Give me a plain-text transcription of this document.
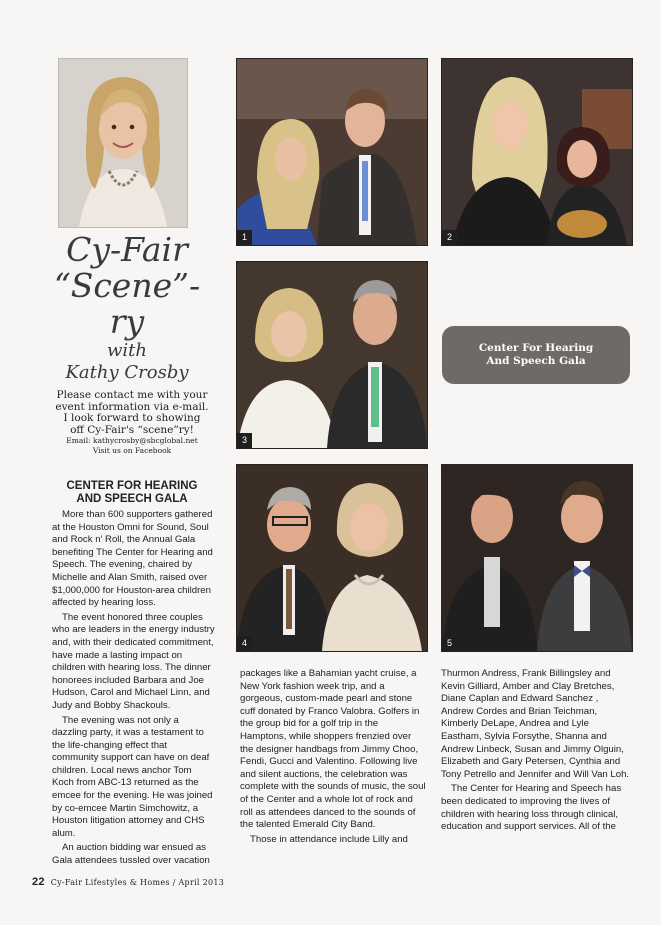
Cy-Fair
“Scene”-ry
with
Kathy Crosby
Please contact me with your
event information via e-mail.
I look forward to showing
off Cy-Fair's “scene”ry!
Email: kathycrosby@sbcglobal.net
Visit us on Facebook
CENTER FOR HEARING
AND SPEECH GALA

More than 600 supporters gathered at the Houston Omni for Sound, Soul and Rock n' Roll, the Annual Gala benefiting The Center for Hearing and Speech. The evening, chaired by Michelle and Alan Smith, raised over $1,000,000 for Houston-area children affected by hearing loss.

The event honored three couples who are leaders in the energy industry and, with their dedicated commitment, have made a lasting impact on children with hearing loss. The dinner honorees included Barbara and Joe Hudson, Carol and Michael Linn, and Judy and Bobby Shackouls.

The evening was not only a dazzling party, it was a testament to the life-changing effect that community support can have on deaf children. Local news anchor Tom Koch from ABC-13 returned as the emcee for the evening. He was joined by co-emcee Martin Simchowitz, a Houston litigation attorney and CHS alum.

An auction bidding war ensued as Gala attendees tussled over vacation

1	2
3
Center For Hearing
And Speech Gala
4	5

packages like a Bahamian yacht cruise, a New York fashion week trip, and a gorgeous, custom-made pearl and stone cuff donated by Franco Valobra. Golfers in the group bid for a golf trip in the Hamptons, while shoppers frenzied over the designer handbags from Jimmy Choo, Fendi, Gucci and Valentino. Following live and silent auctions, the celebration was complete with the sounds of music, the soul of the Center and a whole lot of rock and roll as attendees danced to the sounds of the talented Emerald City Band.

Those in attendance include Lilly and

Thurmon Andress, Frank Billingsley and Kevin Gilliard, Amber and Clay Bretches, Diane Caplan and Edward Sanchez , Andrew Cordes and Brian Teichman, Kimberly DeLape, Andrea and Lyle Eastham, Sylvia Forsythe, Shanna and Andrew Linbeck, Susan and Jimmy Olguin, Elizabeth and Gary Petersen, Cynthia and Tony Petrello and Jennifer and Will Van Loh.

The Center for Hearing and Speech has been dedicated to improving the lives of children with hearing loss through clinical, education and support services. All of the

22 Cy-Fair Lifestyles & Homes / April 2013
